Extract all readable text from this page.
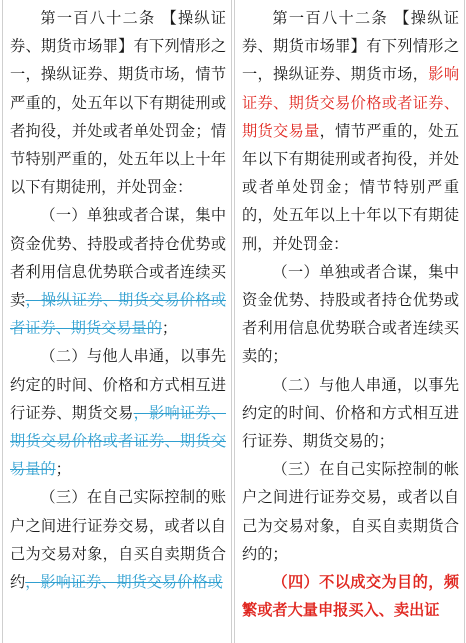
第一百八十二条 【操纵证券、期货市场罪】有下列情形之一，操纵证券、期货市场，情节严重的，处五年以下有期徒刑或者拘役，并处或者单处罚金；情节特别严重的，处五年以上十年以下有期徒刑，并处罚金：

（一）单独或者合谋，集中资金优势、持股或者持仓优势或者利用信息优势联合或者连续买卖，操纵证券、期货交易价格或者证券、期货交易量的；

（二）与他人串通，以事先约定的时间、价格和方式相互进行证券、期货交易，影响证券、期货交易价格或者证券、期货交易量的；

（三）在自己实际控制的账户之间进行证券交易，或者以自己为交易对象，自买自卖期货合约，影响证券、期货交易价格或

第一百八十二条 【操纵证券、期货市场罪】有下列情形之一，操纵证券、期货市场，影响证券、期货交易价格或者证券、期货交易量，情节严重的，处五年以下有期徒刑或者拘役，并处或者单处罚金；情节特别严重的，处五年以上十年以下有期徒刑，并处罚金：

（一）单独或者合谋，集中资金优势、持股或者持仓优势或者利用信息优势联合或者连续买卖的；

（二）与他人串通，以事先约定的时间、价格和方式相互进行证券、期货交易的；

（三）在自己实际控制的帐户之间进行证券交易，或者以自己为交易对象，自买自卖期货合约的；

（四）不以成交为目的，频繁或者大量申报买入、卖出证
